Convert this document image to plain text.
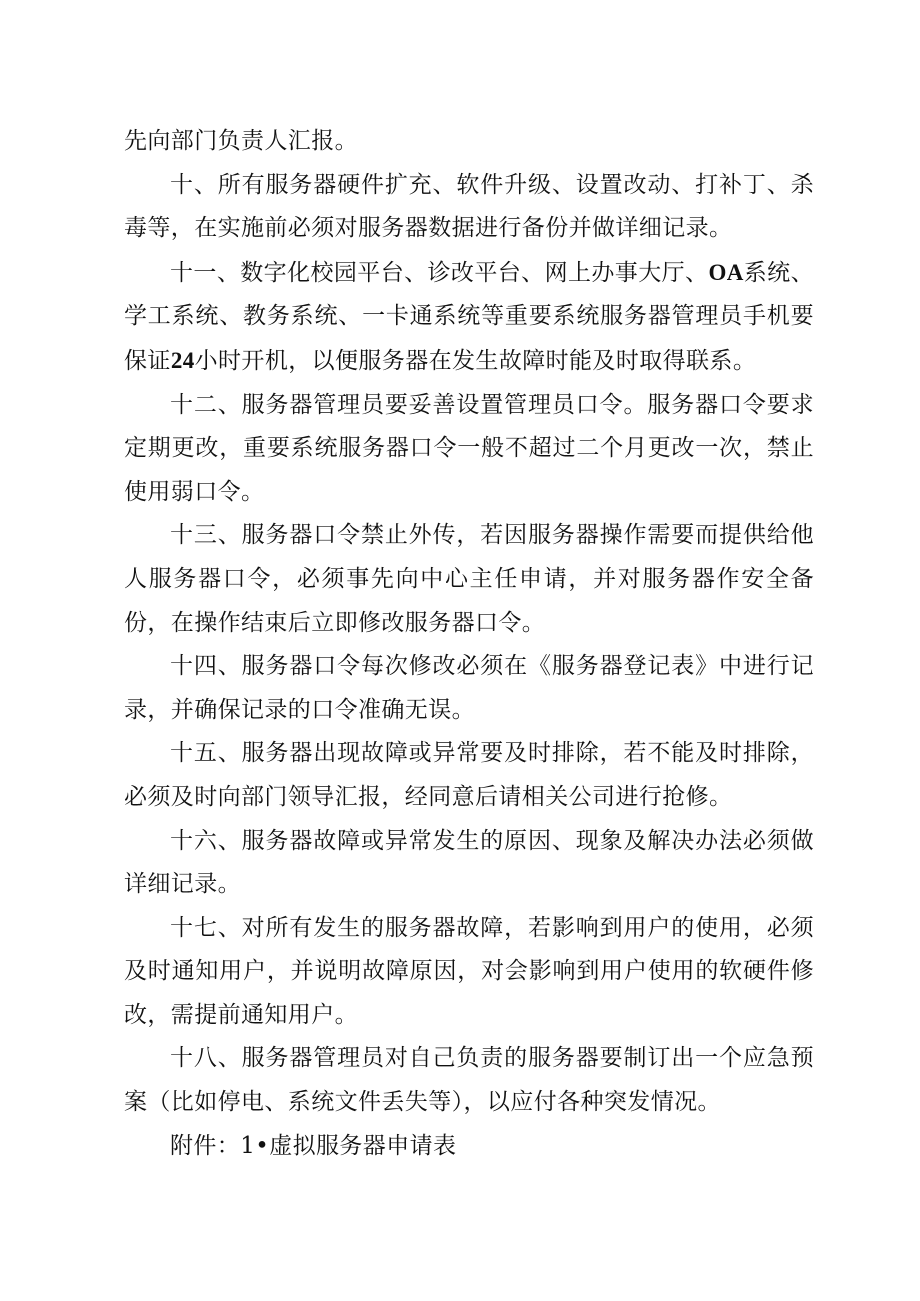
先向部门负责人汇报。

十、所有服务器硬件扩充、软件升级、设置改动、打补丁、杀毒等，在实施前必须对服务器数据进行备份并做详细记录。

十一、数字化校园平台、诊改平台、网上办事大厅、OA系统、学工系统、教务系统、一卡通系统等重要系统服务器管理员手机要保证24小时开机，以便服务器在发生故障时能及时取得联系。

十二、服务器管理员要妥善设置管理员口令。服务器口令要求定期更改，重要系统服务器口令一般不超过二个月更改一次，禁止使用弱口令。

十三、服务器口令禁止外传，若因服务器操作需要而提供给他人服务器口令，必须事先向中心主任申请，并对服务器作安全备份，在操作结束后立即修改服务器口令。

十四、服务器口令每次修改必须在《服务器登记表》中进行记录，并确保记录的口令准确无误。

十五、服务器出现故障或异常要及时排除，若不能及时排除，必须及时向部门领导汇报，经同意后请相关公司进行抢修。

十六、服务器故障或异常发生的原因、现象及解决办法必须做详细记录。

十七、对所有发生的服务器故障，若影响到用户的使用，必须及时通知用户，并说明故障原因，对会影响到用户使用的软硬件修改，需提前通知用户。

十八、服务器管理员对自己负责的服务器要制订出一个应急预案（比如停电、系统文件丢失等），以应付各种突发情况。

附件：1•虚拟服务器申请表
